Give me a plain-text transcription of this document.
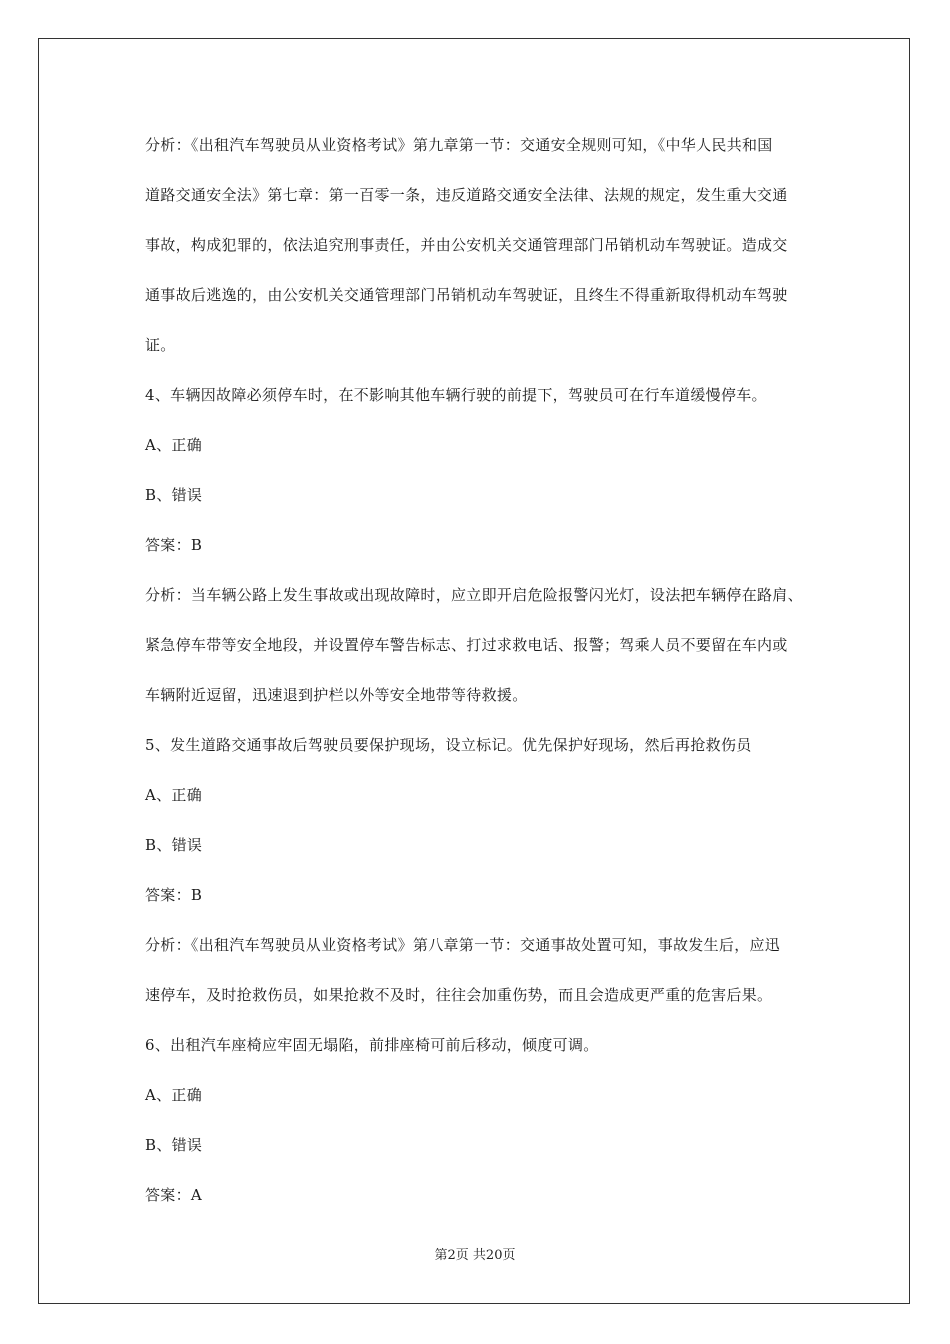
分析：《出租汽车驾驶员从业资格考试》第九章第一节：交通安全规则可知，《中华人民共和国
道路交通安全法》第七章：第一百零一条，违反道路交通安全法律、法规的规定，发生重大交通
事故，构成犯罪的，依法追究刑事责任，并由公安机关交通管理部门吊销机动车驾驶证。造成交
通事故后逃逸的，由公安机关交通管理部门吊销机动车驾驶证，且终生不得重新取得机动车驾驶
证。
4、车辆因故障必须停车时，在不影响其他车辆行驶的前提下，驾驶员可在行车道缓慢停车。
A、正确
B、错误
答案：B
分析：当车辆公路上发生事故或出现故障时，应立即开启危险报警闪光灯，设法把车辆停在路肩、
紧急停车带等安全地段，并设置停车警告标志、打过求救电话、报警；驾乘人员不要留在车内或
车辆附近逗留，迅速退到护栏以外等安全地带等待救援。
5、发生道路交通事故后驾驶员要保护现场，设立标记。优先保护好现场，然后再抢救伤员
A、正确
B、错误
答案：B
分析：《出租汽车驾驶员从业资格考试》第八章第一节：交通事故处置可知，事故发生后，应迅
速停车，及时抢救伤员，如果抢救不及时，往往会加重伤势，而且会造成更严重的危害后果。
6、出租汽车座椅应牢固无塌陷，前排座椅可前后移动，倾度可调。
A、正确
B、错误
答案：A
第2页 共20页
